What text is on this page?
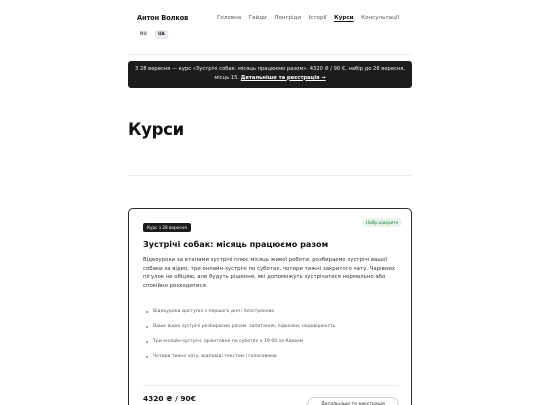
Антон Волков	Головна Гайди Лонгріди Історії Курси Консультації
RU	UA
З 28 вересня — курс «Зустрічі собак: місяць працюємо разом». 4320 ₴ / 90 €, набір до 26 вересня, місць 15. Детальніше та реєстрація →
Курси
Курс з 28 вересня
Набір відкрито
Зустрічі собак: місяць працюємо разом

Відеоуроки за етапами зустрічі плюс місяць живої роботи: розбираємо зустрічі вашої собаки за відео, три онлайн-зустрічі по суботах, чотири тижні закритого чату. Чарівних пігулок не обіцяю, але будуть рішення, які допоможуть зустрічатися нормально або спокійно розходитися.

Відеоуроки доступні з першого дня і безстроково
Ваше відео зустрічі розбираємо разом: запитання, підказки, недовіреність
Три онлайн-зустрічі, орієнтовно по суботах о 19:00 за Києвом
Чотири тижні чату, відповіді текстом і голосовими
4320 ₴ / 90€
Детальніше та реєстрація
